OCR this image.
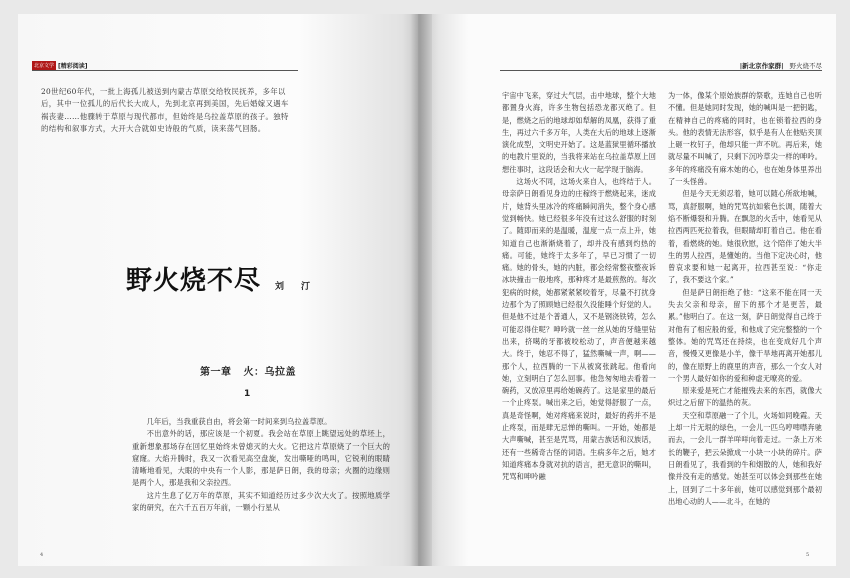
北京文学 [精彩阅读]
20世纪60年代，一批上海孤儿被送到内蒙古草原交给牧民抚养，多年以后，其中一位孤儿的后代长大成人，先到北京再到美国，先后婚嫁又遇车祸丧妻……他骤转于草原与现代都市，但始终是乌拉盖草原的孩子。独特的结构和叙事方式，大开大合就如史诗般的气质，读来荡气回肠。
野火烧不尽 刘　汀
第一章 火：乌拉盖
1

几年后，当我重获自由，将会第一时间来到乌拉盖草原。

不出意外的话，那应该是一个初夏。我会站在草原上眺望远处的草坯上，重新想象那场存在回忆里始终未曾熄灭的大火。它把这片草原烧了一个巨大的窟窿。大焰升腾时，我又一次看见高空盘旋，发出嘶哑的鸣叫，它锐利的眼睛清晰地看见，大眼的中央有一个人影，那是萨日朗，我的母亲；火圈的边缘则是两个人，那是我和父亲拉西。

这片生息了亿万年的草原，其实不知道经历过多少次大火了。按照地质学家的研究，在六千五百万年前，一颗小行星从

4
|新北京作家群| 野火烧不尽

宇宙中飞来，穿过大气层，击中地球，整个大地都置身火海，许多生物包括恐龙都灭绝了。但是，燃烧之后的地球却如犁解的凤凰，获得了重生，再过六千多万年，人类在大后的地球上逐渐演化成型，文明史开始了。这是蓝狱里循环播放的电教片里说的，当我将来站在乌拉盖草原上回想往事时，这段话会和大火一起学现于脑海。

这场火不同，这场火来自人，也终结于人。母亲萨日朗看见身边的庄稼终于燃烧起来，迷成片，她背头里冰冷的疼痛瞬间消失，整个身心感觉到畅快。她已经很多年没有过这么舒服的时刻了。随即而来的是温暖，温度一点一点上升，她知道自己也渐渐烧着了，却并没有感到灼热的痛。可能，她终于太多年了，早已习惯了一切痛。她的骨头，她的内脏，都会经常整夜整夜诉冰块撞击一般地疼，那种疼才是最煎熬的。每次犯病的时候，她都紧紧紧咬着牙，尽量不打扰身边那个为了照顾她已经很久没能睡个好觉的人。但是他不过是个普通人，又不是钢浇铁铸，怎么可能忍得住呢？呻吟就一丝一丝从她的牙缝里钻出来，挤噶的牙都被咬松动了，声音便越来越大。终于，她忍不得了，猛然嘶喊一声，啊——那个人，拉西腾的一下从被窝张跳起。他看向她，立刻明白了怎么回事。他急匆匆地去看着一碗药，又放凉里再给她碗药了。这是家里的最后一个止疼泵。喊出来之后，她觉得舒服了一点，真是奇怪啊，她对疼痛来说时，最好的药并不是止疼泵，而是肆无忌惮的嘶叫。一开始，她都是大声嘶喊，甚至是咒骂，用蒙古族话和汉族话，还有一些稀奇古怪的词语。生病多年之后，她才知道疼痛本身就对抗的语言，把无意识的嘶叫，咒骂和呻吟融

为一体，像某个原始族群的祭歌，连她自己也听不懂。但是她同时发现，她的喊叫是一把钥匙，在精神自己的疼痛的同时，也在锁着拉西的身头。他的表情无法形容，似乎是有人在他贴夹顶上砸一枚钉子，他却只能一声不吭。再后来，她就尽量不叫喊了，只剩下沉吟草尖一样的呻吟。多年的疼痛没有麻木她的心，也在她身体里养出了一头怪兽。

但是今天无须忍着，她可以随心所欲地喊，骂，真舒服啊，她的咒骂抗如紫色长调，随着大焰不断爆裂和升腾。在飘忽的火舌中，她看见从拉西两匹死拉着我，但眼睛却盯着自己。他在看着，看燃烧的她。她很欣慰，这个陪伴了她大半生的男人拉西，是懂她的。当他下定决心时，他曾哀求要和她一起离开，拉西甚至说：“你走了，我不要这个家。”

但是萨日朗拒绝了他：“这来不能在同一天失去父亲和母亲，留下的那个才是更苦，最累。”他明白了。在这一刻，萨日朗觉得自己终于对他有了相应般的爱，和他成了完完整整的一个整体。她的咒骂还在持续，也在变成好几个声音，慢慢又更像是小羊，像干旱地再离开她那儿的，像在原野上的鹿里的声音，那么一个女人对一个男人最好如你的爱和种虚无嘹亮的爱。

原来爱是死亡才能摧残去来的东西，就像大炽过之后留下的温热的灰。

天空和草原融一了个儿，火场如同晚霞。天上却一片无垠的绿色，一会儿一匹乌哼啤噤奔驰而去，一会儿一群羊咩咩向着走过。一条上万米长的鞭子，把云朵掀成一小块一小块的碎片。萨日朗看见了，我看到的牛和烟散的人，她和我好像并没有走的感觉。她甚至可以体会到那些在她上，回到了二十多年前，她可以感觉到那个最初出地心动的人——北斗，在她的

5
